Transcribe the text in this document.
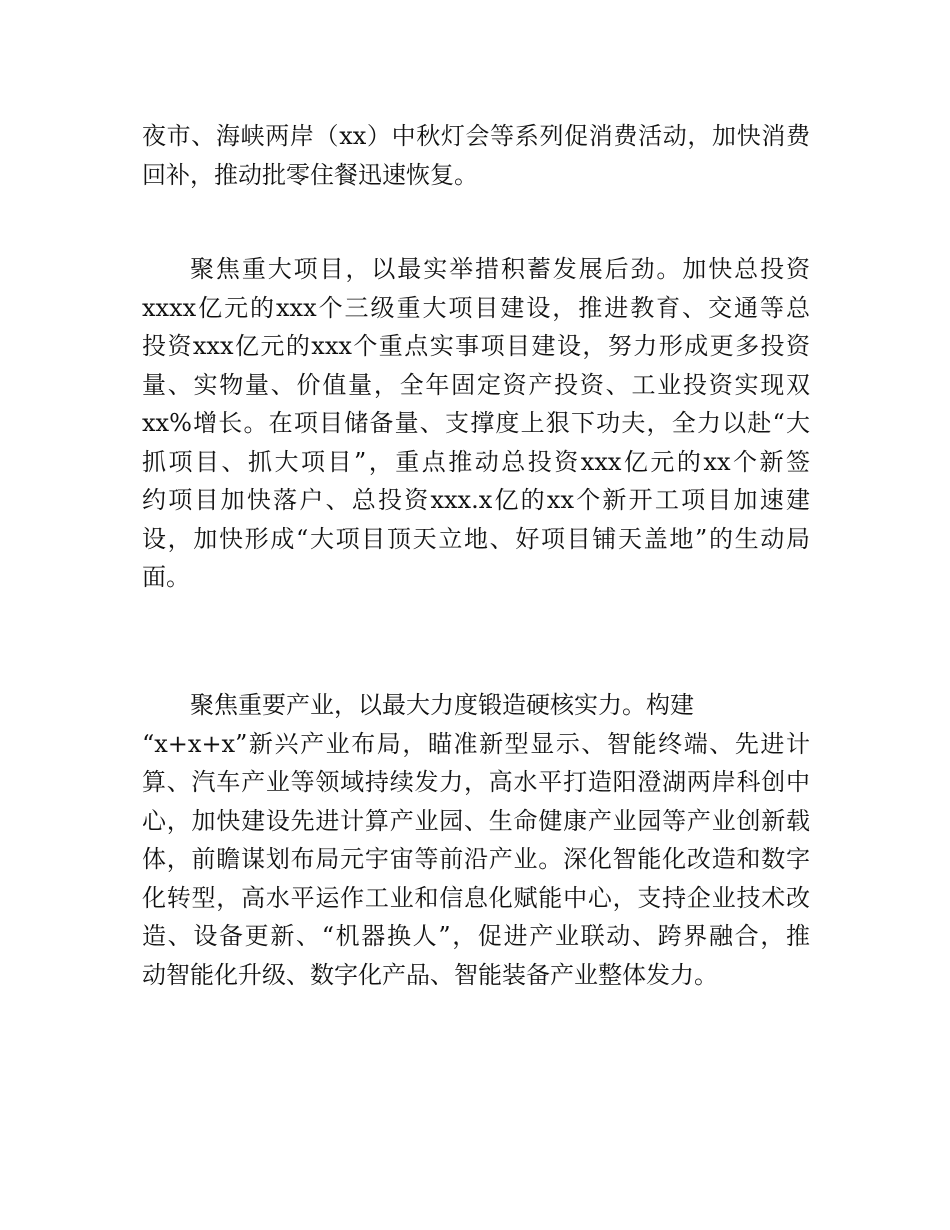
夜市、海峡两岸（xx）中秋灯会等系列促消费活动，加快消费
回补，推动批零住餐迅速恢复。

聚焦重大项目，以最实举措积蓄发展后劲。加快总投资
xxxx亿元的xxx个三级重大项目建设，推进教育、交通等总
投资xxx亿元的xxx个重点实事项目建设，努力形成更多投资
量、实物量、价值量，全年固定资产投资、工业投资实现双
xx%增长。在项目储备量、支撑度上狠下功夫，全力以赴“大
抓项目、抓大项目”，重点推动总投资xxx亿元的xx个新签
约项目加快落户、总投资xxx.x亿的xx个新开工项目加速建
设，加快形成“大项目顶天立地、好项目铺天盖地”的生动局
面。

聚焦重要产业，以最大力度锻造硬核实力。构建
“x+x+x”新兴产业布局，瞄准新型显示、智能终端、先进计
算、汽车产业等领域持续发力，高水平打造阳澄湖两岸科创中
心，加快建设先进计算产业园、生命健康产业园等产业创新载
体，前瞻谋划布局元宇宙等前沿产业。深化智能化改造和数字
化转型，高水平运作工业和信息化赋能中心，支持企业技术改
造、设备更新、“机器换人”，促进产业联动、跨界融合，推
动智能化升级、数字化产品、智能装备产业整体发力。
